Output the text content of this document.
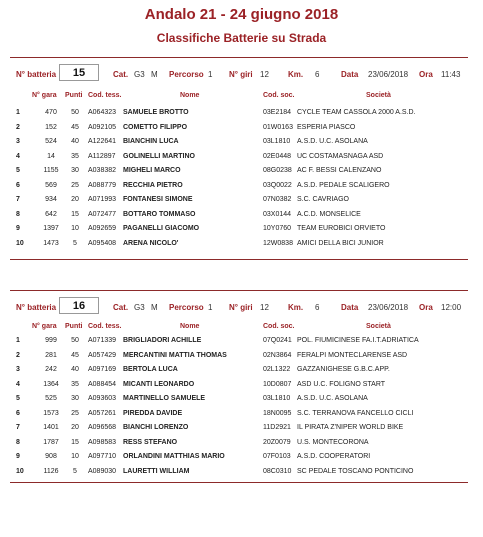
Andalo 21 - 24 giugno 2018
Classifiche Batterie su Strada
N° batteria	15	Cat. G3 M Percorso 1 N° giri 12 Km. 6	Data 23/06/2018 Ora 11:43
N° gara Punti Cod. tess.	Nome	Cod. soc.	Società
1	470	50	A064323 SAMUELE BROTTO	03E2184 CYCLE TEAM CASSOLA 2000 A.S.D.
2	152	45	A092105 COMETTO FILIPPO	01W0163 ESPERIA PIASCO
3	524	40	A122641 BIANCHIN LUCA	03L1810 A.S.D. U.C. ASOLANA
4	14	35	A112897 GOLINELLI MARTINO	02E0448 UC COSTAMASNAGA ASD
5	1155	30	A038382 MIGHELI MARCO	08G0238 AC F. BESSI CALENZANO
6	569	25	A088779 RECCHIA PIETRO	03Q0022 A.S.D. PEDALE SCALIGERO
7	934	20	A071993 FONTANESI SIMONE	07N0382 S.C. CAVRIAGO
8	642	15	A072477 BOTTARO TOMMASO	03X0144 A.C.D. MONSELICE
9	1397	10	A092659 PAGANELLI GIACOMO	10Y0760 TEAM EUROBICI ORVIETO
10	1473	5	A095408 ARENA NICOLO'	12W0838 AMICI DELLA BICI JUNIOR
N° batteria	16	Cat. G3 M Percorso 1 N° giri 12 Km. 6	Data 23/06/2018 Ora 12:00
N° gara Punti Cod. tess.	Nome	Cod. soc.	Società
1	999	50	A071339 BRIGLIADORI ACHILLE	07Q0241 POL. FIUMICINESE FA.I.T.ADRIATICA
2	281	45	A057429 MERCANTINI MATTIA THOMAS	02N3864 FERALPI MONTECLARENSE ASD
3	242	40	A097169 BERTOLA LUCA	02L1322 GAZZANIGHESE G.B.C.APP.
4	1364	35	A088454 MICANTI LEONARDO	10D0807 ASD U.C. FOLIGNO START
5	525	30	A093603 MARTINELLO SAMUELE	03L1810 A.S.D. U.C. ASOLANA
6	1573	25	A057261 PIREDDA DAVIDE	18N0095 S.C. TERRANOVA FANCELLO CICLI
7	1401	20	A096568 BIANCHI LORENZO	11D2921 IL PIRATA Z'NIPER WORLD BIKE
8	1787	15	A098583 RESS STEFANO	20Z0079 U.S. MONTECORONA
9	908	10	A097710 ORLANDINI MATTHIAS MARIO	07F0103 A.S.D. COOPERATORI
10	1126	5	A089030 LAURETTI WILLIAM	08C0310 SC PEDALE TOSCANO PONTICINO
